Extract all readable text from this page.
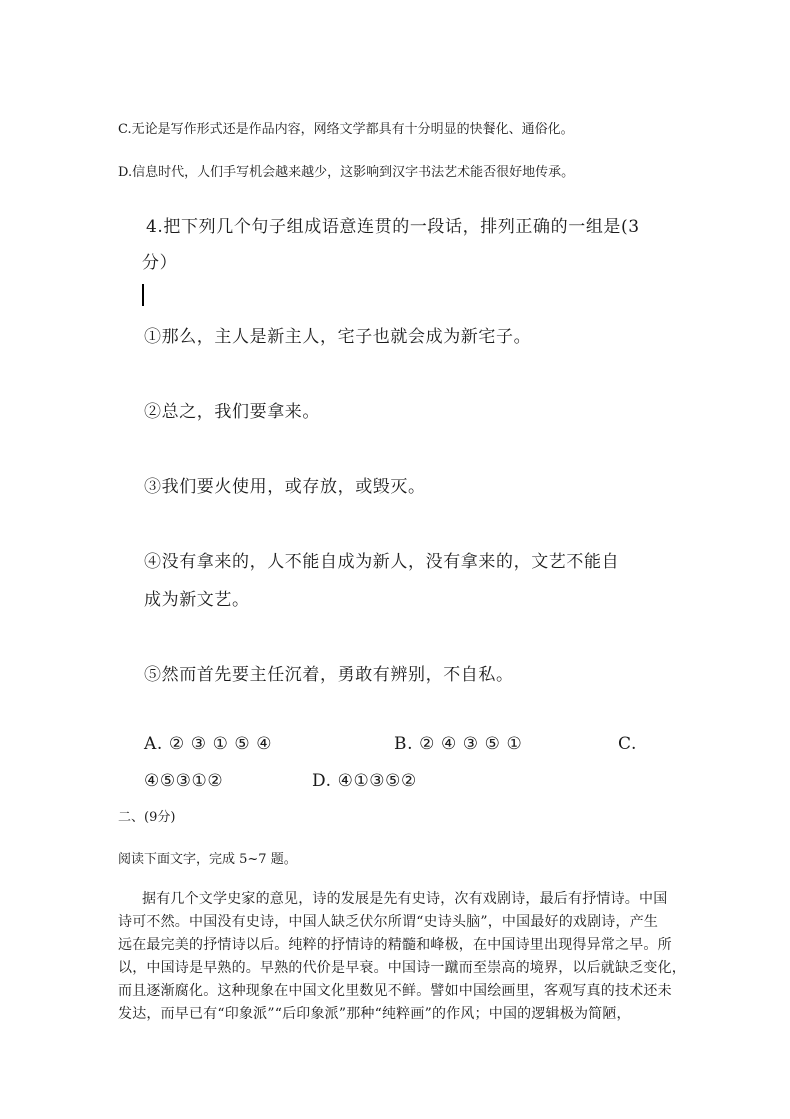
C.无论是写作形式还是作品内容，网络文学都具有十分明显的快餐化、通俗化。
D.信息时代，人们手写机会越来越少，这影响到汉字书法艺术能否很好地传承。
4.把下列几个句子组成语意连贯的一段话，排列正确的一组是(3
分）
①那么，主人是新主人，宅子也就会成为新宅子。
②总之，我们要拿来。
③我们要火使用，或存放，或毁灭。
④没有拿来的，人不能自成为新人，没有拿来的，文艺不能自
成为新文艺。
⑤然而首先要主任沉着，勇敢有辨别，不自私。
A. ② ③ ① ⑤ ④	B. ② ④ ③ ⑤ ①	C.
④⑤③①②	D. ④①③⑤②
二、(9分)
阅读下面文字，完成 5~7 题。
据有几个文学史家的意见，诗的发展是先有史诗，次有戏剧诗，最后有抒情诗。中国
诗可不然。中国没有史诗，中国人缺乏伏尔所谓“史诗头脑”，中国最好的戏剧诗，产生
远在最完美的抒情诗以后。纯粹的抒情诗的精髓和峰极，在中国诗里出现得异常之早。所
以，中国诗是早熟的。早熟的代价是早衰。中国诗一蹴而至崇高的境界，以后就缺乏变化，
而且逐渐腐化。这种现象在中国文化里数见不鲜。譬如中国绘画里，客观写真的技术还未
发达，而早已有“印象派”“后印象派”那种“纯粹画”的作风；中国的逻辑极为简陋，
